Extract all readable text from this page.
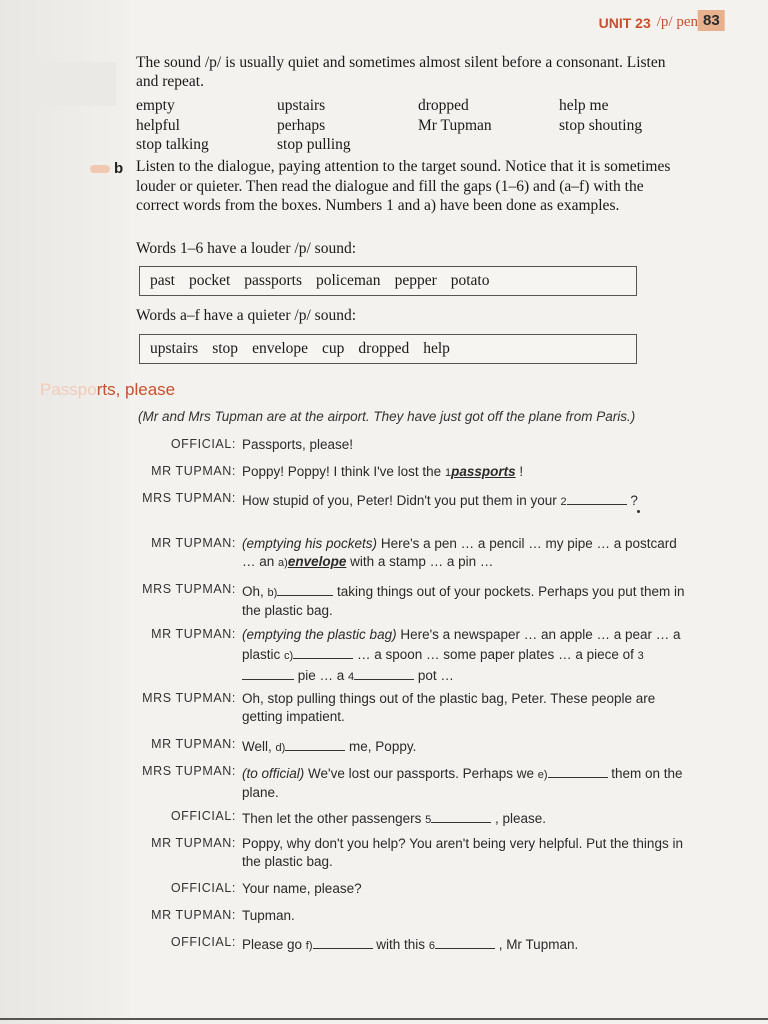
UNIT 23 /p/ pen 83
The sound /p/ is usually quiet and sometimes almost silent before a consonant. Listen and repeat.
empty	upstairs	dropped	help me
helpful	perhaps	Mr Tupman	stop shouting
stop talking	stop pulling
b Listen to the dialogue, paying attention to the target sound. Notice that it is sometimes louder or quieter. Then read the dialogue and fill the gaps (1–6) and (a–f) with the correct words from the boxes. Numbers 1 and a) have been done as examples.
Words 1–6 have a louder /p/ sound:
past pocket passports policeman pepper potato
Words a–f have a quieter /p/ sound:
upstairs stop envelope cup dropped help
Passports, please
(Mr and Mrs Tupman are at the airport. They have just got off the plane from Paris.)
OFFICIAL: Passports, please!
MR TUPMAN: Poppy! Poppy! I think I've lost the 1passports !
MRS TUPMAN: How stupid of you, Peter! Didn't you put them in your 2	?
MR TUPMAN: (emptying his pockets) Here's a pen … a pencil … my pipe … a postcard … an a)envelope with a stamp … a pin …
MRS TUPMAN: Oh, b)	taking things out of your pockets. Perhaps you put them in the plastic bag.
MR TUPMAN: (emptying the plastic bag) Here's a newspaper … an apple … a pear … a plastic c)	… a spoon … some paper plates … a piece of 3 pie … a 4	pot …
MRS TUPMAN: Oh, stop pulling things out of the plastic bag, Peter. These people are getting impatient.
MR TUPMAN: Well, d)	me, Poppy.
MRS TUPMAN: (to official) We've lost our passports. Perhaps we e)	them on the plane.
OFFICIAL: Then let the other passengers 5	, please.
MR TUPMAN: Poppy, why don't you help? You aren't being very helpful. Put the things in the plastic bag.
OFFICIAL: Your name, please?
MR TUPMAN: Tupman.
OFFICIAL: Please go f)	with this 6	, Mr Tupman.
